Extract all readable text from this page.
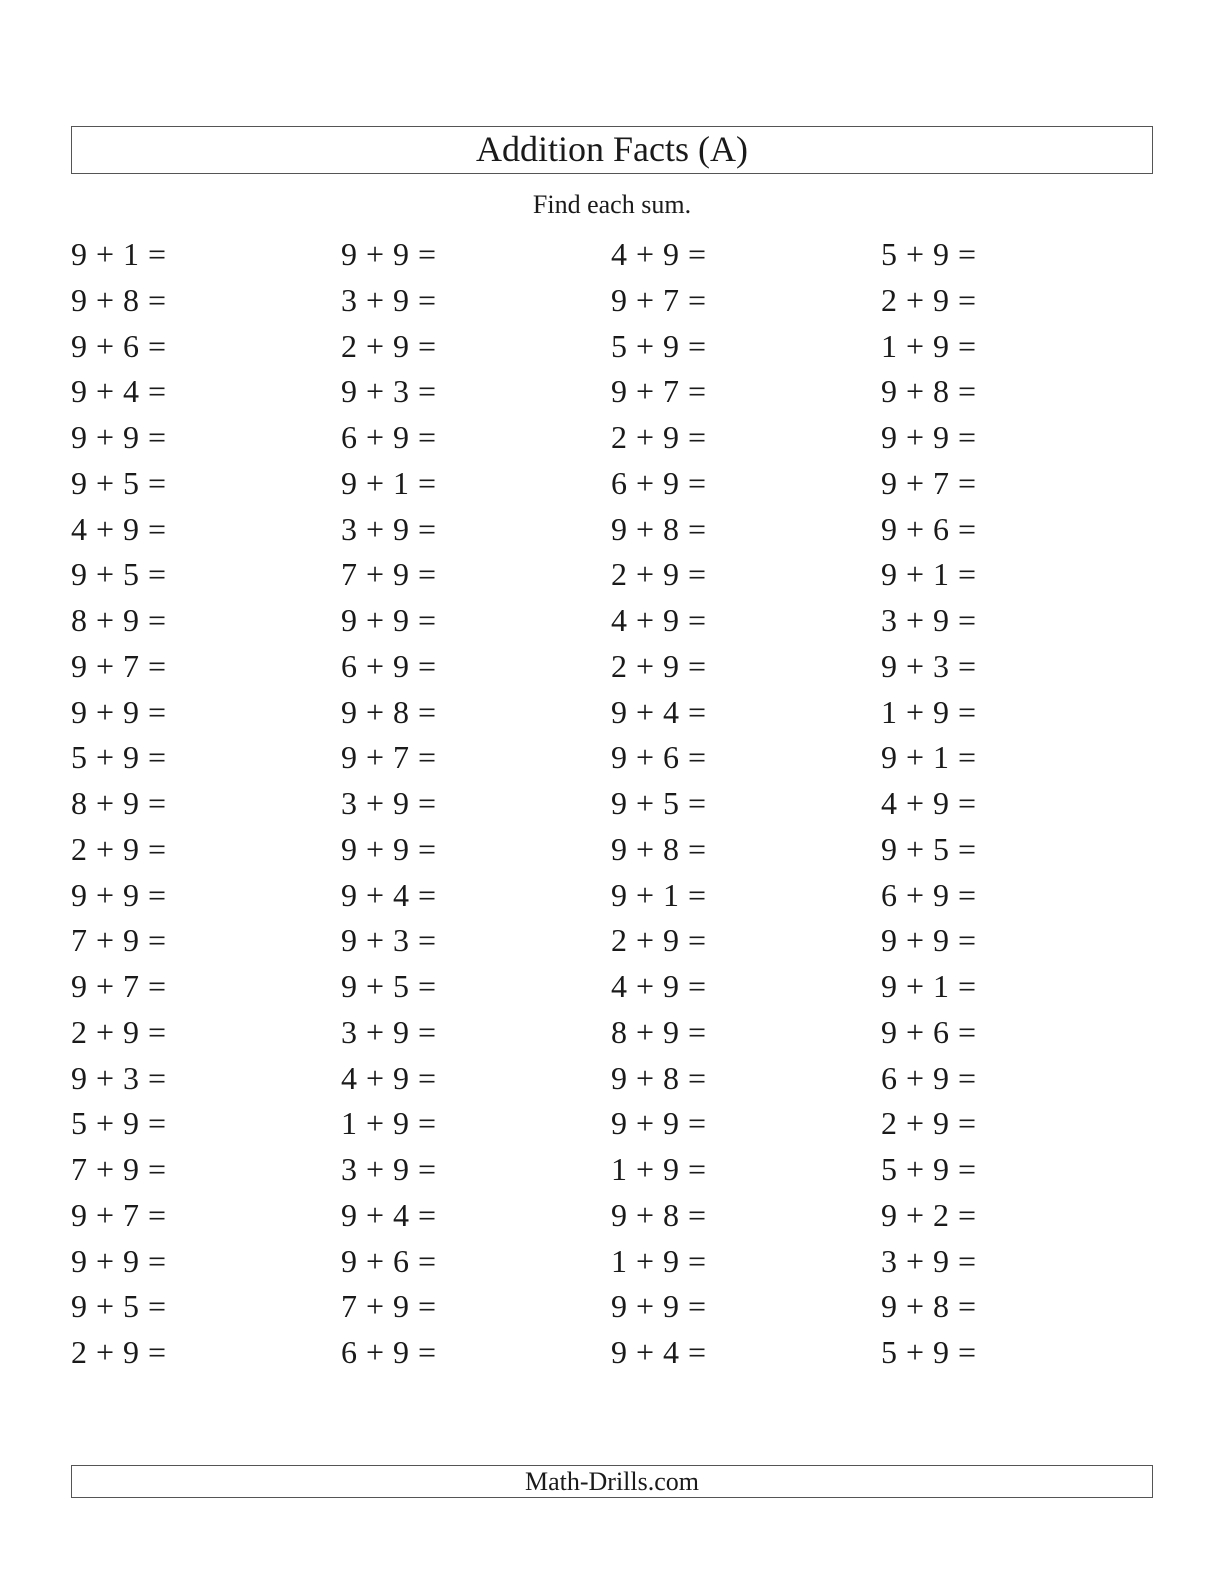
Addition Facts (A)
Find each sum.
9 + 1 =	9 + 9 =	4 + 9 =	5 + 9 =
9 + 8 =	3 + 9 =	9 + 7 =	2 + 9 =
9 + 6 =	2 + 9 =	5 + 9 =	1 + 9 =
9 + 4 =	9 + 3 =	9 + 7 =	9 + 8 =
9 + 9 =	6 + 9 =	2 + 9 =	9 + 9 =
9 + 5 =	9 + 1 =	6 + 9 =	9 + 7 =
4 + 9 =	3 + 9 =	9 + 8 =	9 + 6 =
9 + 5 =	7 + 9 =	2 + 9 =	9 + 1 =
8 + 9 =	9 + 9 =	4 + 9 =	3 + 9 =
9 + 7 =	6 + 9 =	2 + 9 =	9 + 3 =
9 + 9 =	9 + 8 =	9 + 4 =	1 + 9 =
5 + 9 =	9 + 7 =	9 + 6 =	9 + 1 =
8 + 9 =	3 + 9 =	9 + 5 =	4 + 9 =
2 + 9 =	9 + 9 =	9 + 8 =	9 + 5 =
9 + 9 =	9 + 4 =	9 + 1 =	6 + 9 =
7 + 9 =	9 + 3 =	2 + 9 =	9 + 9 =
9 + 7 =	9 + 5 =	4 + 9 =	9 + 1 =
2 + 9 =	3 + 9 =	8 + 9 =	9 + 6 =
9 + 3 =	4 + 9 =	9 + 8 =	6 + 9 =
5 + 9 =	1 + 9 =	9 + 9 =	2 + 9 =
7 + 9 =	3 + 9 =	1 + 9 =	5 + 9 =
9 + 7 =	9 + 4 =	9 + 8 =	9 + 2 =
9 + 9 =	9 + 6 =	1 + 9 =	3 + 9 =
9 + 5 =	7 + 9 =	9 + 9 =	9 + 8 =
2 + 9 =	6 + 9 =	9 + 4 =	5 + 9 =
Math-Drills.com
